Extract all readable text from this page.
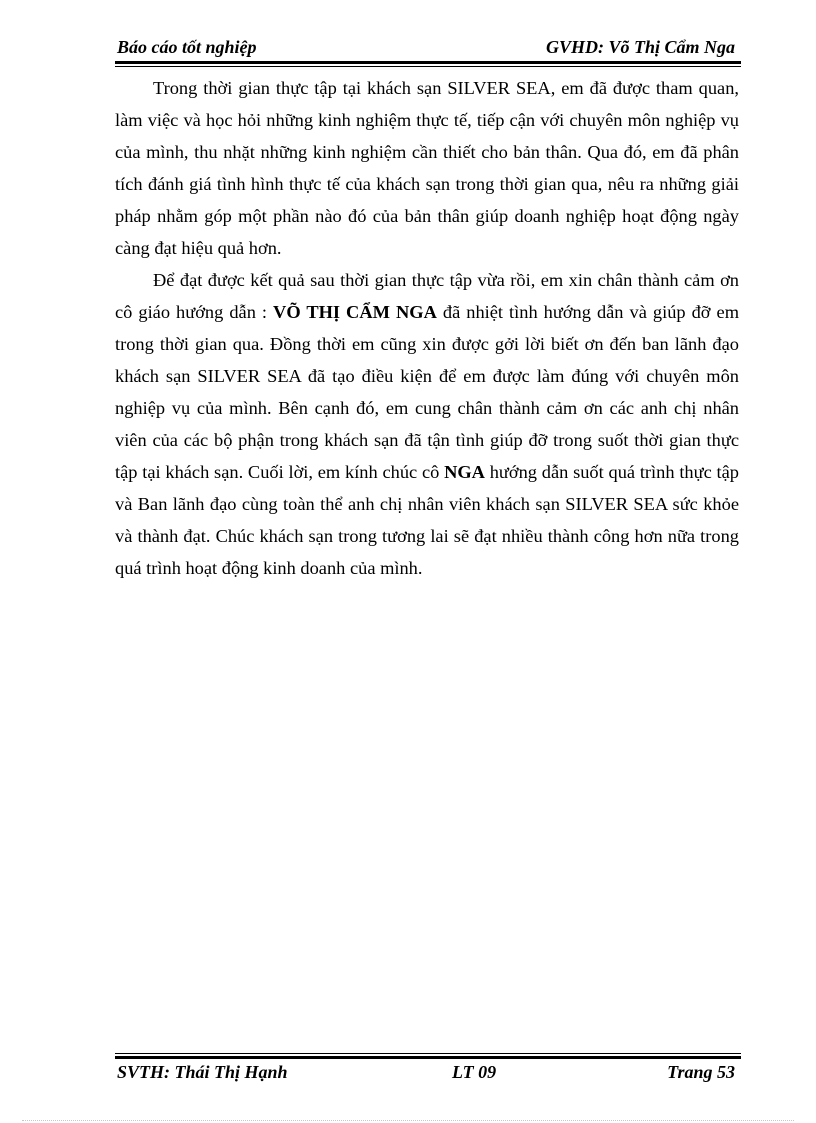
Báo cáo tốt nghiệp	GVHD: Võ Thị Cẩm Nga

Trong thời gian thực tập tại khách sạn SILVER SEA, em đã được tham quan, làm việc và học hỏi những kinh nghiệm thực tế, tiếp cận với chuyên môn nghiệp vụ của mình, thu nhặt những kinh nghiệm cần thiết cho bản thân. Qua đó, em đã phân tích đánh giá tình hình thực tế của khách sạn trong thời gian qua, nêu ra những giải pháp nhằm góp một phần nào đó của bản thân giúp doanh nghiệp hoạt động ngày càng đạt hiệu quả hơn.

Để đạt được kết quả sau thời gian thực tập vừa rồi, em xin chân thành cảm ơn cô giáo hướng dẫn : VÕ THỊ CẨM NGA đã nhiệt tình hướng dẫn và giúp đỡ em trong thời gian qua. Đồng thời em cũng xin được gởi lời biết ơn đến ban lãnh đạo khách sạn SILVER SEA đã tạo điều kiện để em được làm đúng với chuyên môn nghiệp vụ của mình. Bên cạnh đó, em cung chân thành cảm ơn các anh chị nhân viên của các bộ phận trong khách sạn đã tận tình giúp đỡ trong suốt thời gian thực tập tại khách sạn. Cuối lời, em kính chúc cô NGA hướng dẫn suốt quá trình thực tập và Ban lãnh đạo cùng toàn thể anh chị nhân viên khách sạn SILVER SEA sức khỏe và thành đạt. Chúc khách sạn trong tương lai sẽ đạt nhiều thành công hơn nữa trong quá trình hoạt động kinh doanh của mình.

SVTH: Thái Thị Hạnh	LT 09	Trang 53
